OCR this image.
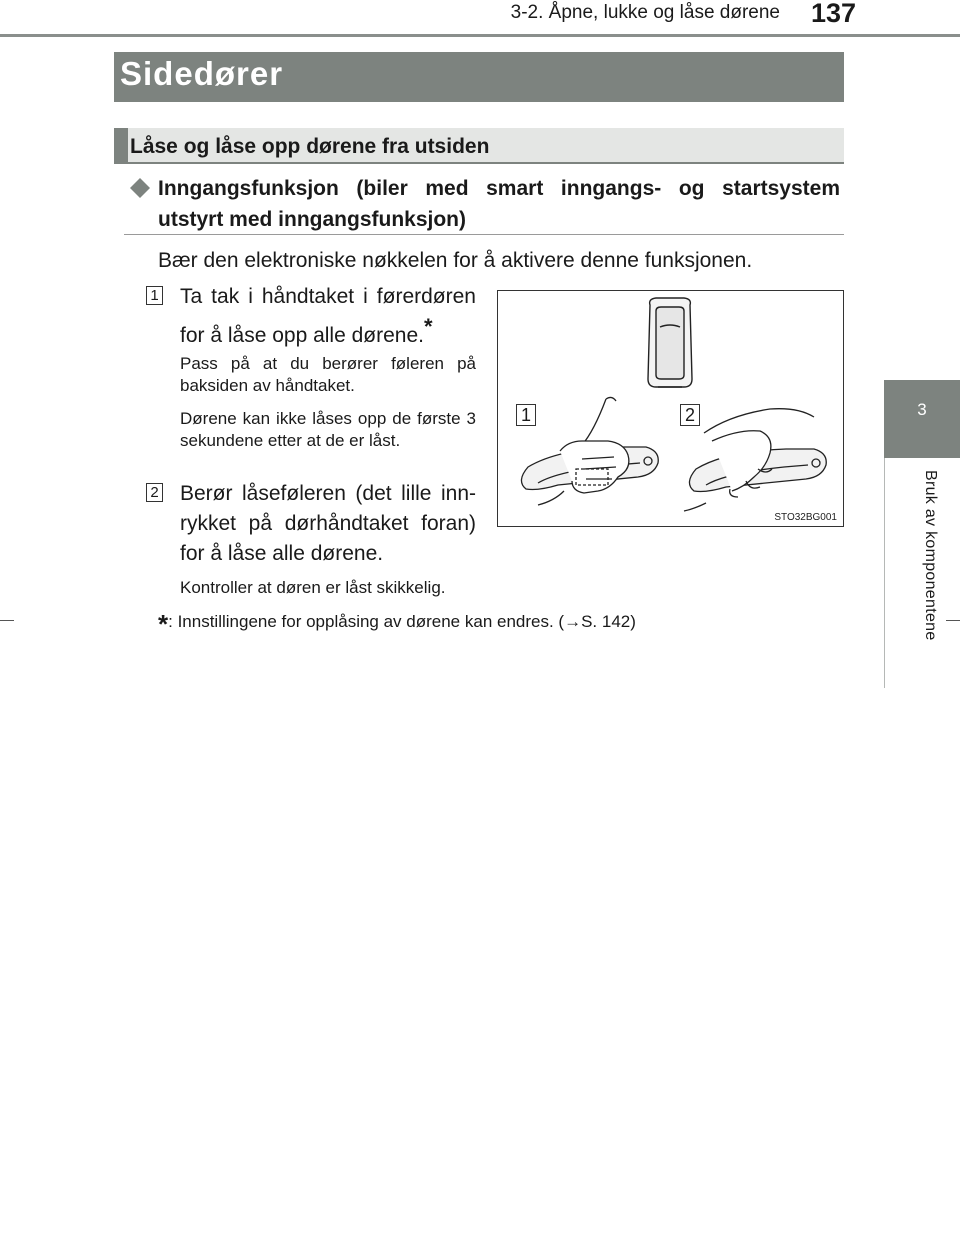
3-2. Åpne, lukke og låse dørene	137
3
Bruk av komponentene
Sidedører
Låse og låse opp dørene fra utsiden
Inngangsfunksjon (biler med smart inngangs- og startsystem utstyrt med inngangsfunksjon)
Bær den elektroniske nøkkelen for å aktivere denne funksjonen.
1 Ta tak i håndtaket i førerdøren for å låse opp alle dørene.*
Pass på at du berører føleren på baksiden av håndtaket.
Dørene kan ikke låses opp de første 3 sekundene etter at de er låst.
2 Berør låseføleren (det lille inn-rykket på dørhåndtaket foran) for å låse alle dørene.
Kontroller at døren er låst skikkelig.
*: Innstillingene for opplåsing av dørene kan endres. (→S. 142)
1	2
STO32BG001
